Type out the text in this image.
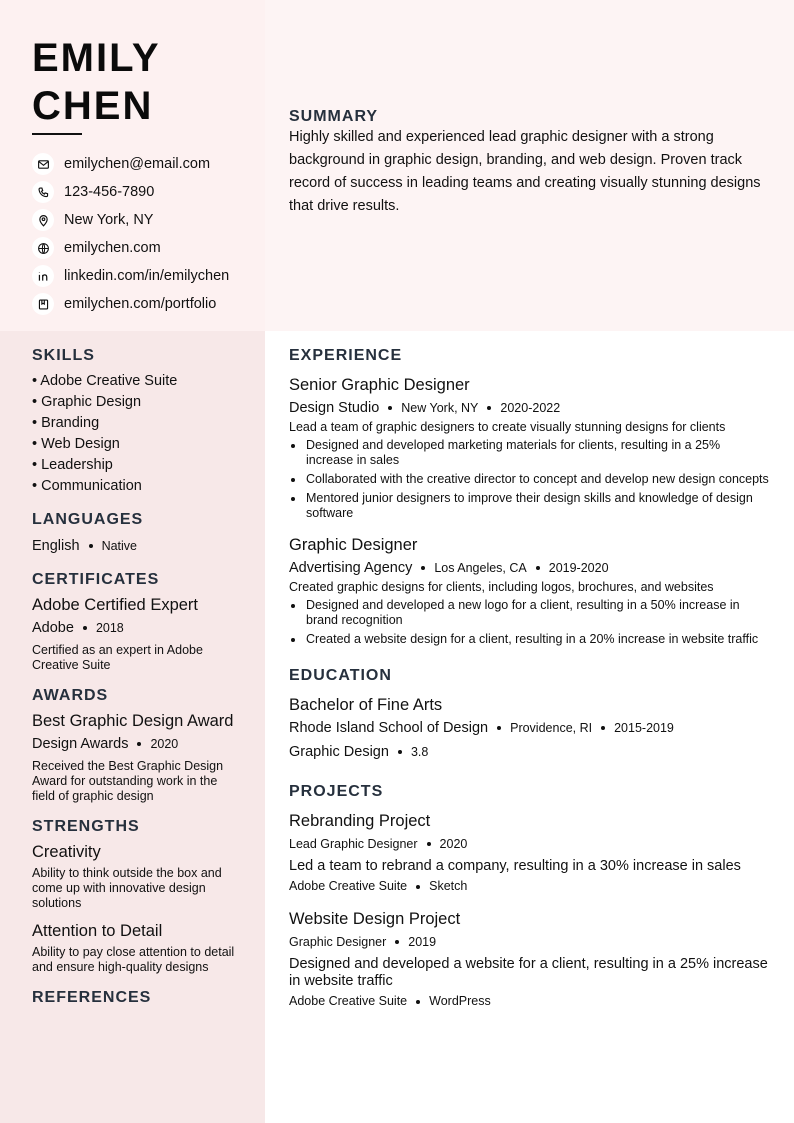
EMILY
CHEN
emilychen@email.com
123-456-7890
New York, NY
emilychen.com
linkedin.com/in/emilychen
emilychen.com/portfolio
SUMMARY
Highly skilled and experienced lead graphic designer with a strong background in graphic design, branding, and web design. Proven track record of success in leading teams and creating visually stunning designs that drive results.
SKILLS
• Adobe Creative Suite
• Graphic Design
• Branding
• Web Design
• Leadership
• Communication
LANGUAGES
English Native
CERTIFICATES
Adobe Certified Expert
Adobe 2018
Certified as an expert in Adobe Creative Suite
AWARDS
Best Graphic Design Award
Design Awards 2020
Received the Best Graphic Design Award for outstanding work in the field of graphic design
STRENGTHS
Creativity
Ability to think outside the box and come up with innovative design solutions
Attention to Detail
Ability to pay close attention to detail and ensure high-quality designs
REFERENCES
EXPERIENCE
Senior Graphic Designer
Design Studio New York, NY 2020-2022
Lead a team of graphic designers to create visually stunning designs for clients
Designed and developed marketing materials for clients, resulting in a 25% increase in sales
Collaborated with the creative director to concept and develop new design concepts
Mentored junior designers to improve their design skills and knowledge of design software
Graphic Designer
Advertising Agency Los Angeles, CA 2019-2020
Created graphic designs for clients, including logos, brochures, and websites
Designed and developed a new logo for a client, resulting in a 50% increase in brand recognition
Created a website design for a client, resulting in a 20% increase in website traffic
EDUCATION
Bachelor of Fine Arts
Rhode Island School of Design Providence, RI 2015-2019
Graphic Design 3.8
PROJECTS
Rebranding Project
Lead Graphic Designer 2020
Led a team to rebrand a company, resulting in a 30% increase in sales
Adobe Creative Suite Sketch
Website Design Project
Graphic Designer 2019
Designed and developed a website for a client, resulting in a 25% increase in website traffic
Adobe Creative Suite WordPress
